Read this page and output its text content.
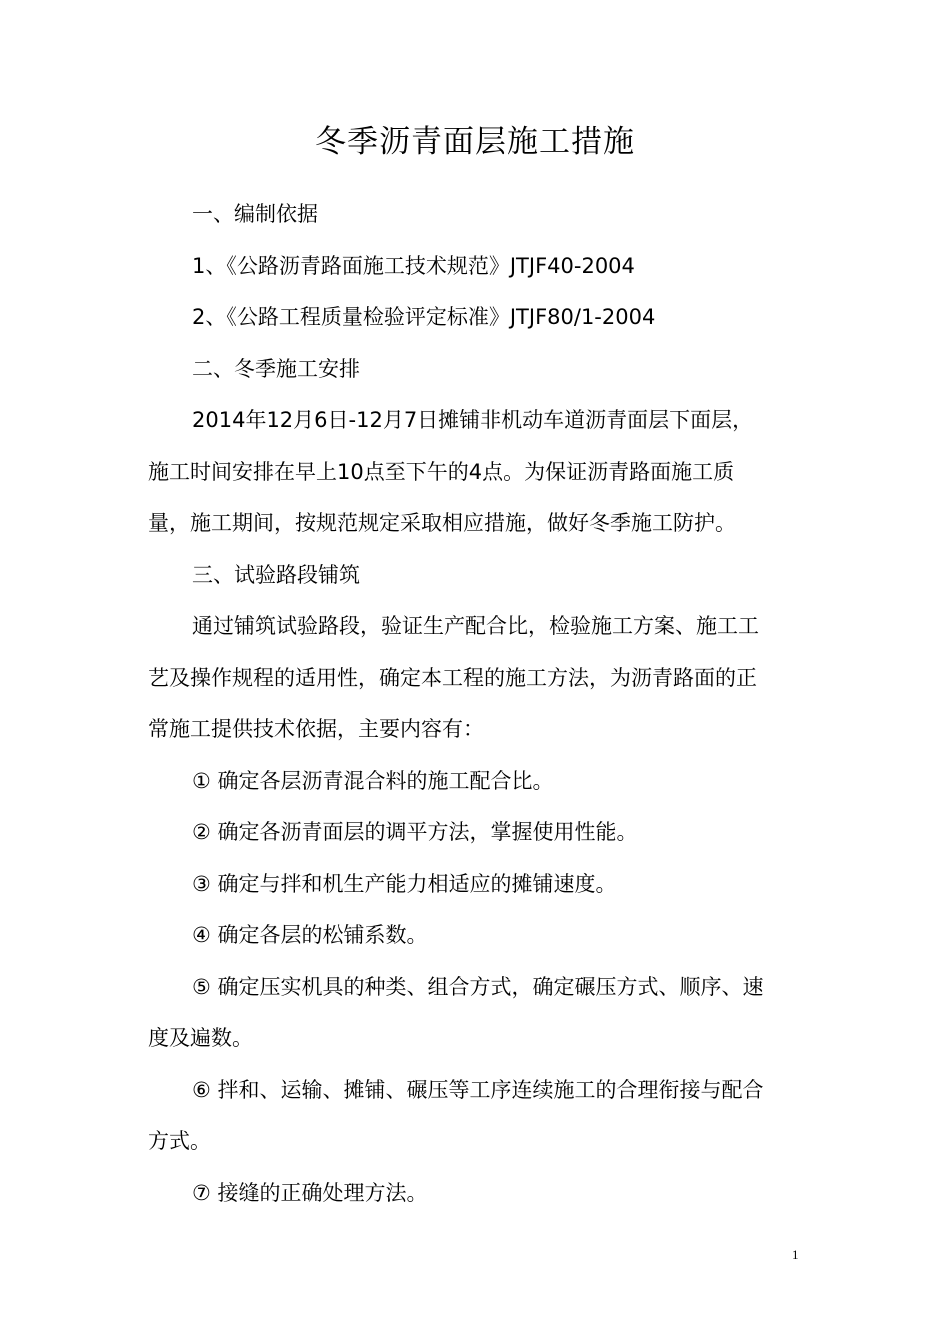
冬季沥青面层施工措施
一、编制依据
1、《公路沥青路面施工技术规范》JTJF40-2004
2、《公路工程质量检验评定标准》JTJF80/1-2004
二、冬季施工安排
2014年12月6日-12月7日摊铺非机动车道沥青面层下面层，
施工时间安排在早上10点至下午的4点。为保证沥青路面施工质
量，施工期间，按规范规定采取相应措施，做好冬季施工防护。
三、试验路段铺筑
通过铺筑试验路段，验证生产配合比，检验施工方案、施工工
艺及操作规程的适用性，确定本工程的施工方法，为沥青路面的正
常施工提供技术依据，主要内容有：
① 确定各层沥青混合料的施工配合比。
② 确定各沥青面层的调平方法，掌握使用性能。
③ 确定与拌和机生产能力相适应的摊铺速度。
④ 确定各层的松铺系数。
⑤ 确定压实机具的种类、组合方式，确定碾压方式、顺序、速
度及遍数。
⑥ 拌和、运输、摊铺、碾压等工序连续施工的合理衔接与配合
方式。
⑦ 接缝的正确处理方法。
1
